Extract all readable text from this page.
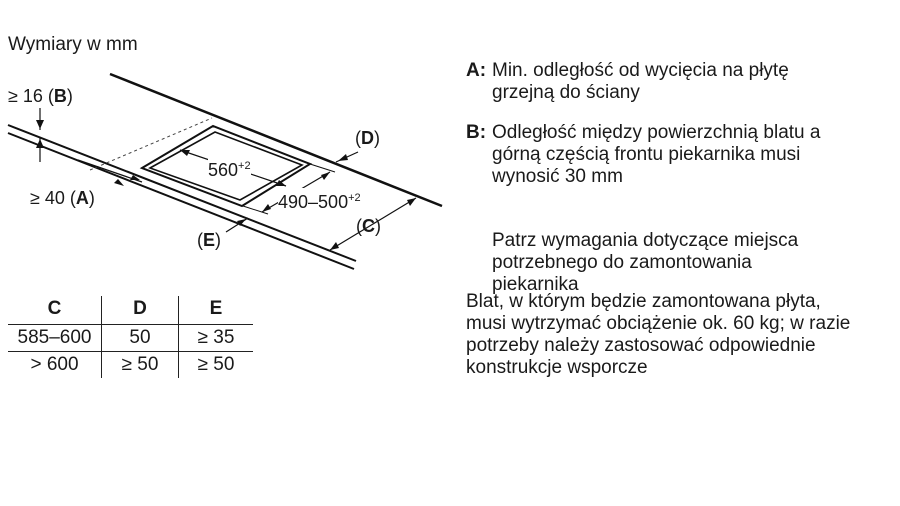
Wymiary w mm
≥ 16 (B)
≥ 40 (A)
(D)
(C)
(E)
$560^{+2}$
$490-500^{+2}$
C	D	E
585–600	50	≥ 35
> 600	≥ 50	≥ 50
A: Min. odległość od wycięcia na płytę
grzejną do ściany
B: Odległość między powierzchnią blatu a
górną częścią frontu piekarnika musi
wynosić 30 mm
Patrz wymagania dotyczące miejsca
potrzebnego do zamontowania
piekarnika
Blat, w którym będzie zamontowana płyta,
musi wytrzymać obciążenie ok. 60 kg; w razie
potrzeby należy zastosować odpowiednie
konstrukcje wsporcze
